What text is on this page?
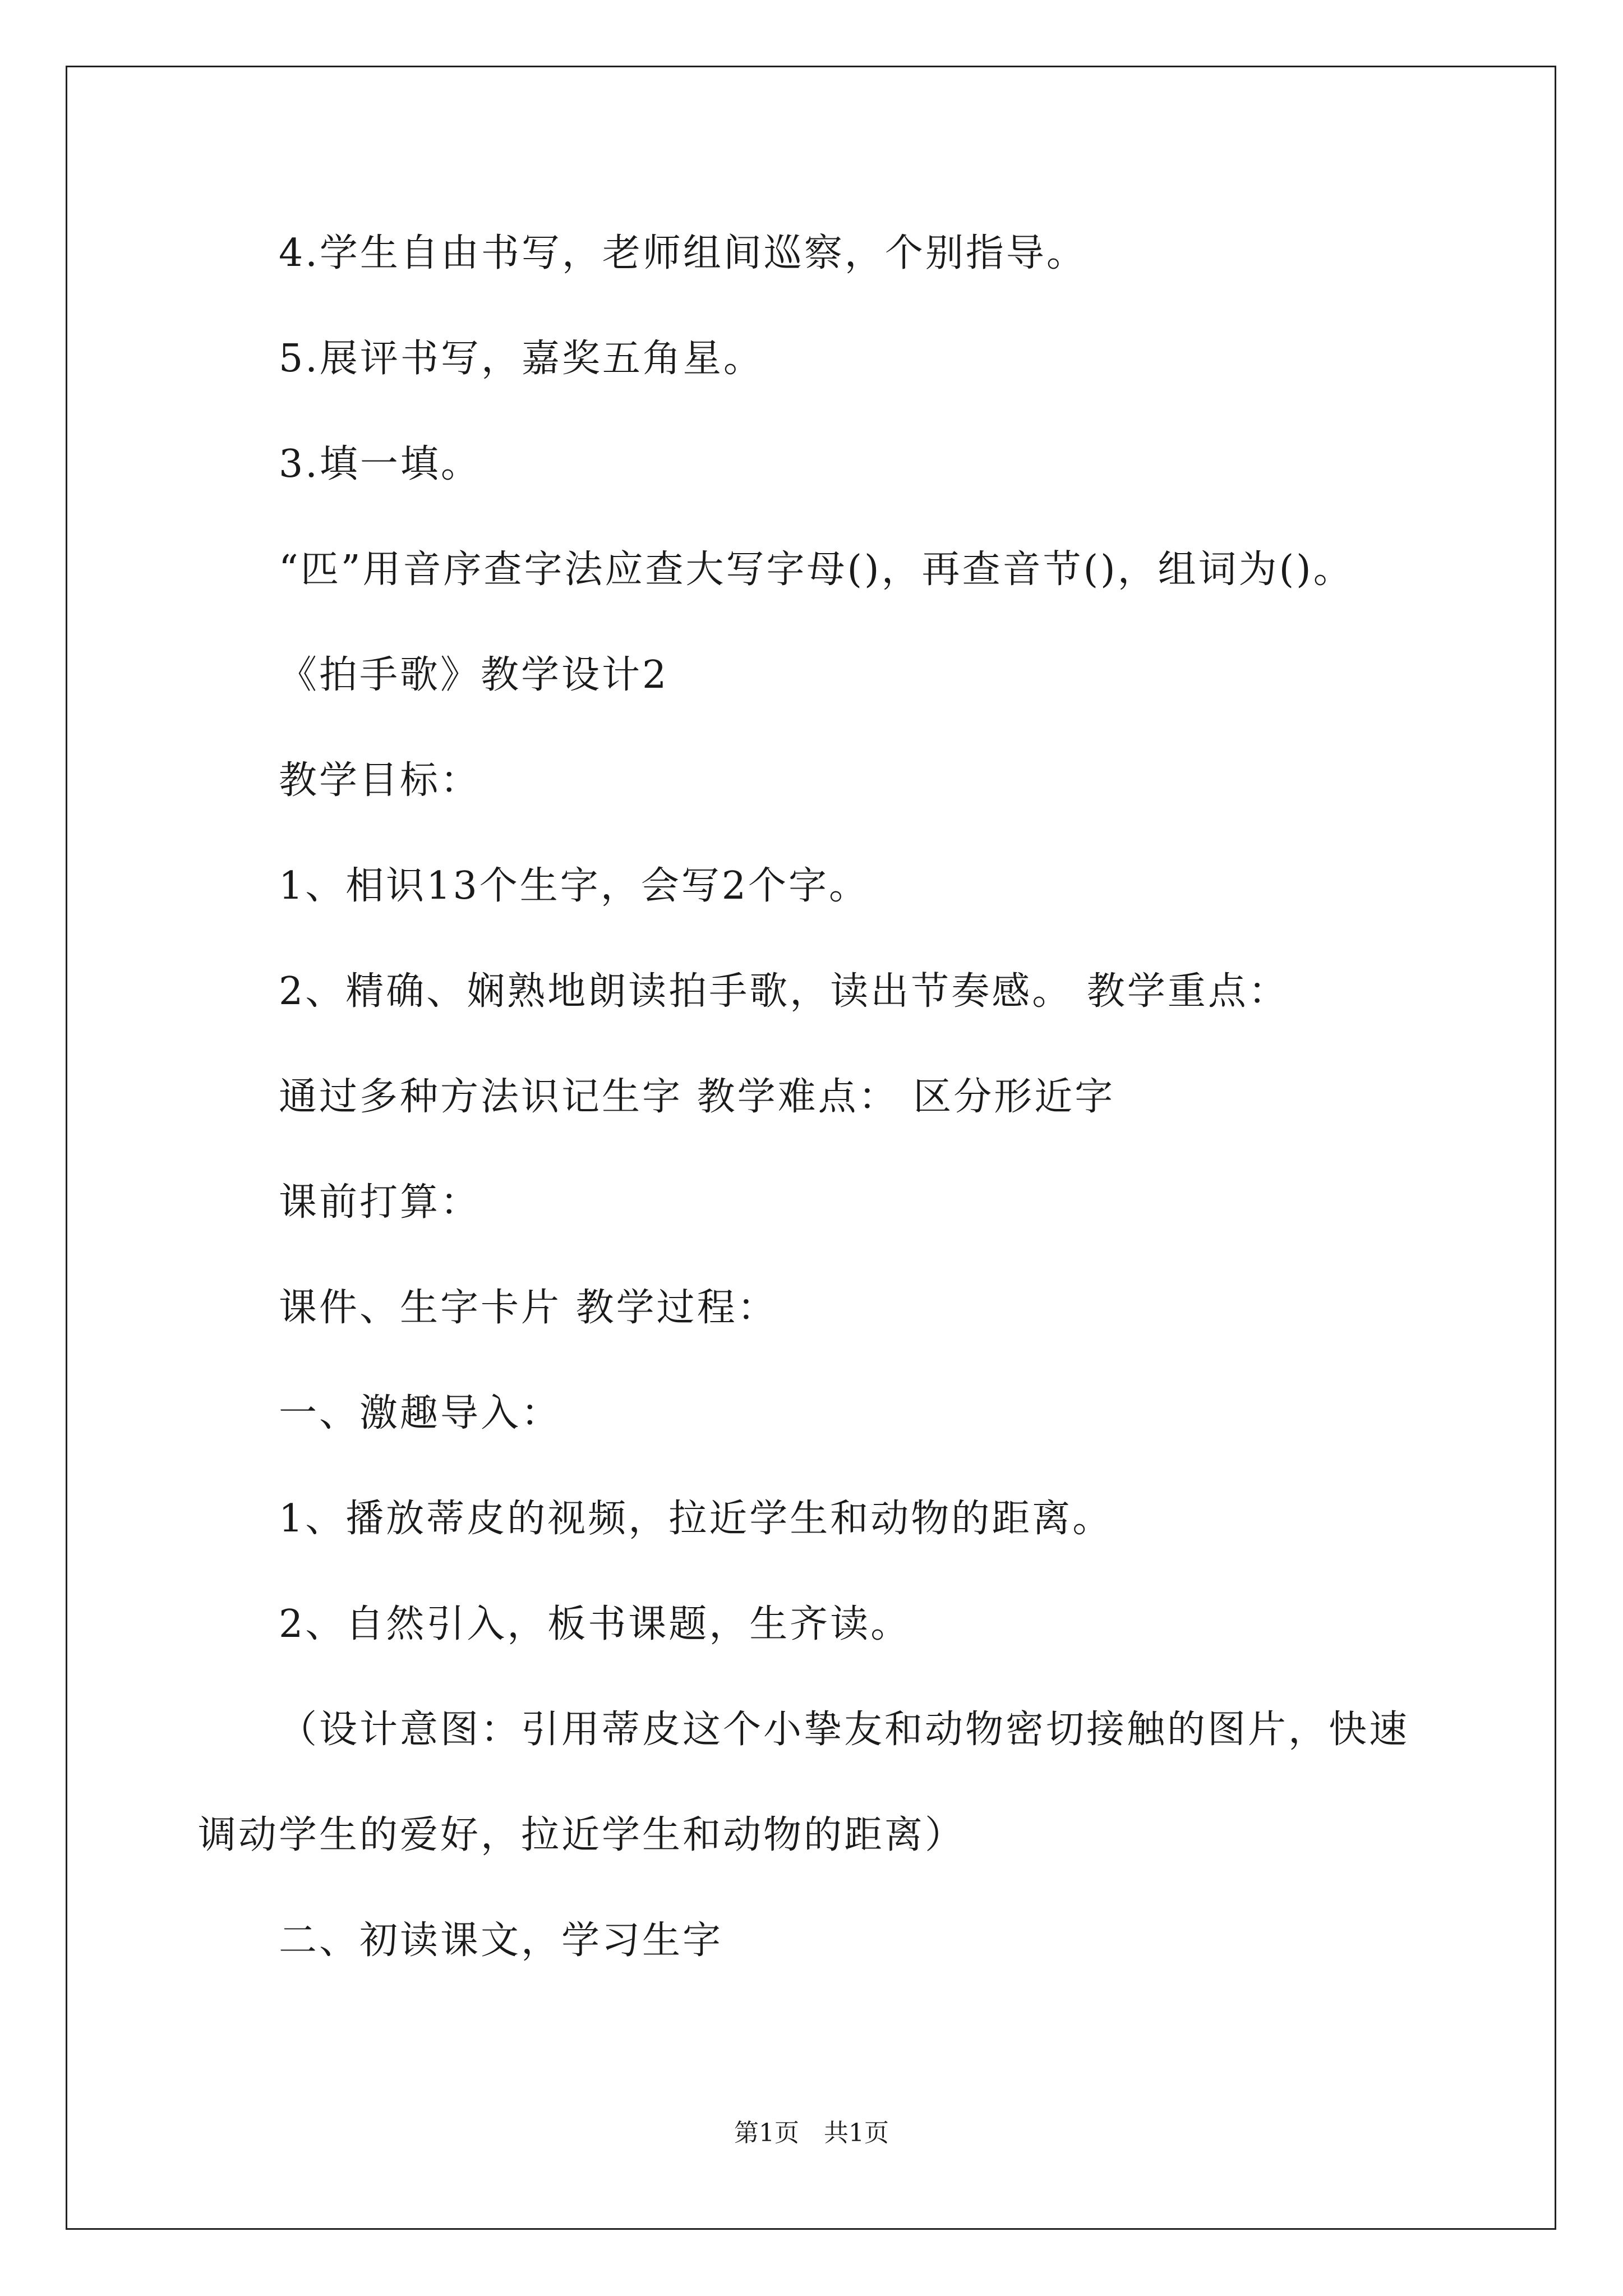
4.学生自由书写，老师组间巡察，个别指导。
5.展评书写，嘉奖五角星。
3.填一填。
“匹”用音序查字法应查大写字母()，再查音节()，组词为()。
《拍手歌》教学设计2
教学目标：
1、相识13个生字，会写2个字。
2、精确、娴熟地朗读拍手歌，读出节奏感。 教学重点：
通过多种方法识记生字 教学难点： 区分形近字
课前打算：
课件、生字卡片 教学过程：
一、激趣导入：
1、播放蒂皮的视频，拉近学生和动物的距离。
2、自然引入，板书课题，生齐读。
（设计意图：引用蒂皮这个小挚友和动物密切接触的图片，快速
调动学生的爱好，拉近学生和动物的距离）
二、初读课文，学习生字
第1页　共1页
